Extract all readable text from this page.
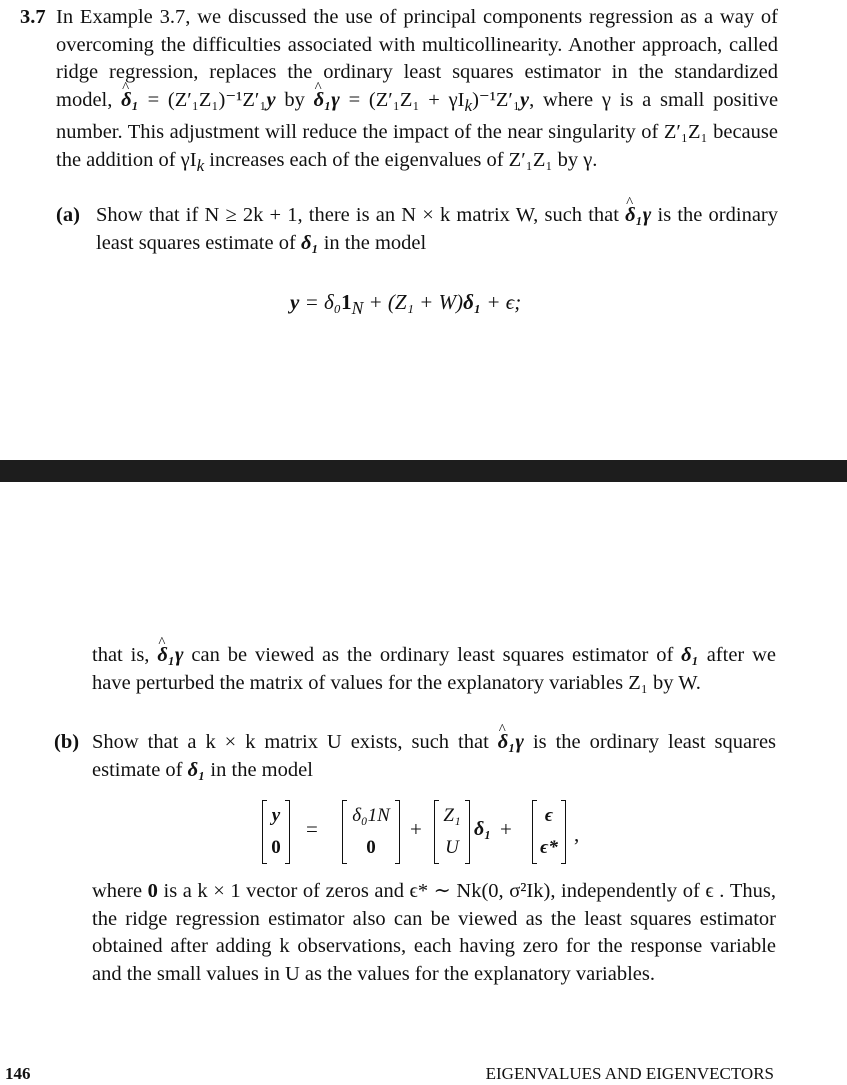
3.7 In Example 3.7, we discussed the use of principal components regression as a way of overcoming the difficulties associated with multicollinearity. Another approach, called ridge regression, replaces the ordinary least squares estimator in the standardized model, ^ δ₁ = (Z′₁Z₁)⁻¹Z′₁y by ^ $\delta_1\gamma = (Z'_1Z_1 + \gamma I_k)^{-1}Z'_1y$, where γ is a small positive number. This adjustment will reduce the impact of the near singularity of Z′₁Z₁ because the addition of $\gamma I_k$ increases each of the eigenvalues of Z′₁Z₁ by γ.

(a) Show that if N ≥ 2k + 1, there is an N × k matrix W, such that ^ δ₁γ is the ordinary least squares estimate of δ₁ in the model

$y = \delta_01_N + (Z_1 + W)\delta_1 + \epsilon$;
146	EIGENVALUES AND EIGENVECTORS

that is, ^ δ₁γ can be viewed as the ordinary least squares estimator of δ₁ after we have perturbed the matrix of values for the explanatory variables Z₁ by W.

(b) Show that a k × k matrix U exists, such that ^ δ₁γ is the ordinary least squares estimate of δ₁ in the model

y
0
=
δ₀1N
0
+
Z₁
U
δ₁ +
ϵ
ϵ*
,

where 0 is a k × 1 vector of zeros and ϵ* ∼ Nk(0, σ²Ik), independently of ϵ . Thus, the ridge regression estimator also can be viewed as the least squares estimator obtained after adding k observations, each having zero for the response variable and the small values in U as the values for the explanatory variables.
